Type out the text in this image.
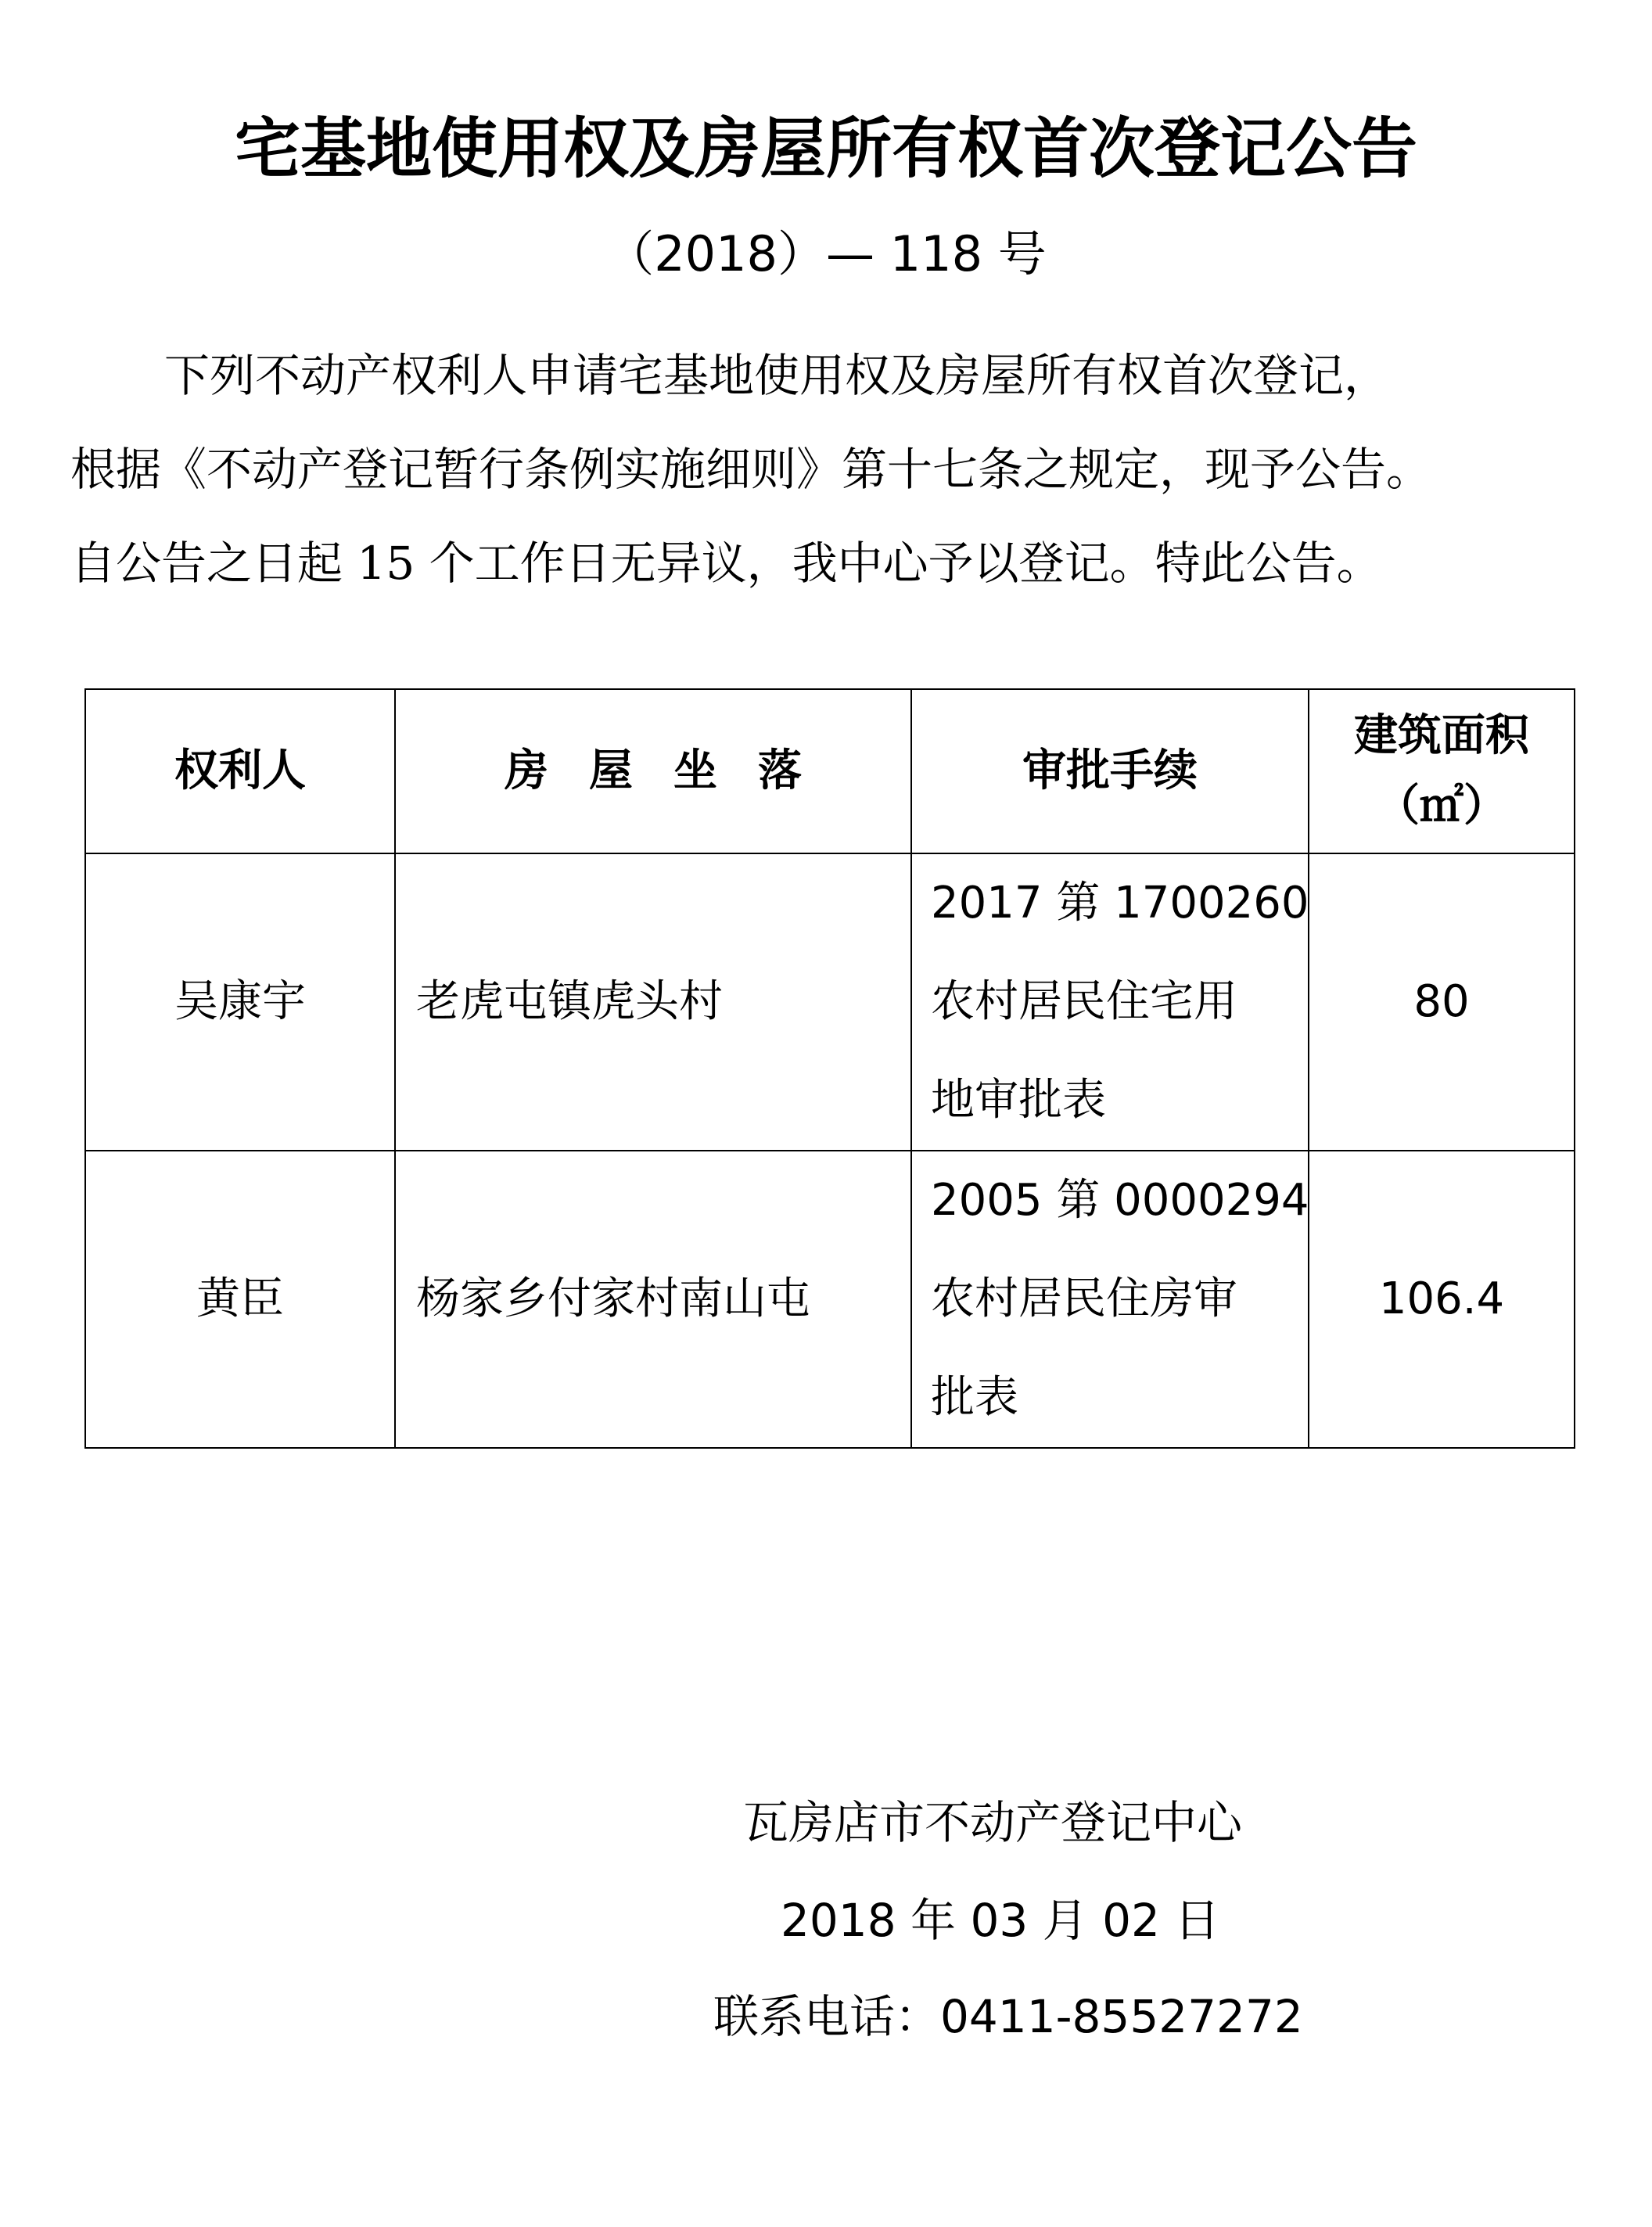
宅基地使用权及房屋所有权首次登记公告
（2018）— 118 号
下列不动产权利人申请宅基地使用权及房屋所有权首次登记，
根据《不动产登记暂行条例实施细则》第十七条之规定，现予公告。
自公告之日起 15 个工作日无异议，我中心予以登记。特此公告。
权利人	房屋坐落	审批手续	建筑面积
（㎡）

吴康宇	老虎屯镇虎头村	2017 第 1700260
农村居民住宅用
地审批表	80
黄臣	杨家乡付家村南山屯	2005 第 0000294
农村居民住房审
批表	106.4
瓦房店市不动产登记中心
2018 年 03 月 02 日
联系电话：0411-85527272
